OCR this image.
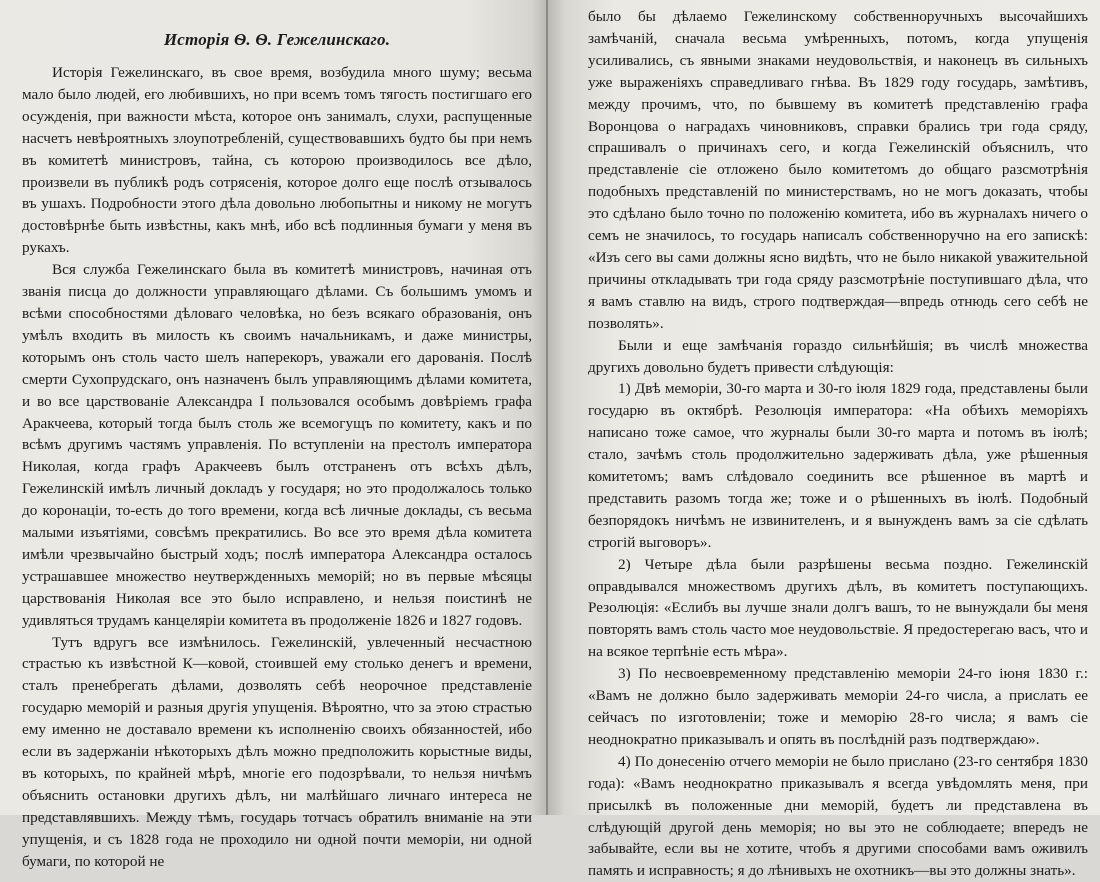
Исторія Ѳ. Ѳ. Гежелинскаго.

Исторія Гежелинскаго, въ свое время, возбудила много шуму; весьма мало было людей, его любившихъ, но при всемъ томъ тягость постигшаго его осужденія, при важности мѣста, которое онъ занималъ, слухи, распущенные насчетъ невѣроятныхъ злоупотребленій, существовавшихъ будто бы при немъ въ комитетѣ министровъ, тайна, съ которою производилось все дѣло, произвели въ публикѣ родъ сотрясенія, которое долго еще послѣ отзывалось въ ушахъ. Подробности этого дѣла довольно любопытны и никому не могутъ достовѣрнѣе быть извѣстны, какъ мнѣ, ибо всѣ подлинныя бумаги у меня въ рукахъ.

Вся служба Гежелинскаго была въ комитетѣ министровъ, начиная отъ званія писца до должности управляющаго дѣлами. Съ большимъ умомъ и всѣми способностями дѣловаго человѣка, но безъ всякаго образованія, онъ умѣлъ входить въ милость къ своимъ начальникамъ, и даже министры, которымъ онъ столь часто шелъ наперекоръ, уважали его дарованія. Послѣ смерти Сухопрудскаго, онъ назначенъ былъ управляющимъ дѣлами комитета, и во все царствованіе Александра I пользовался особымъ довѣріемъ графа Аракчеева, который тогда былъ столь же всемогущъ по комитету, какъ и по всѣмъ другимъ частямъ управленія. По вступленіи на престолъ императора Николая, когда графъ Аракчеевъ былъ отстраненъ отъ всѣхъ дѣлъ, Гежелинскій имѣлъ личный докладъ у государя; но это продолжалось только до коронаціи, то-есть до того времени, когда всѣ личные доклады, съ весьма малыми изъятіями, совсѣмъ прекратились. Во все это время дѣла комитета имѣли чрезвычайно быстрый ходъ; послѣ императора Александра осталось устрашавшее множество неутвержденныхъ меморій; но въ первые мѣсяцы царствованія Николая все это было исправлено, и нельзя поистинѣ не удивляться трудамъ канцеляріи комитета въ продолженіе 1826 и 1827 годовъ.

Тутъ вдругъ все измѣнилось. Гежелинскій, увлеченный несчастною страстью къ извѣстной К—ковой, стоившей ему столько денегъ и времени, сталъ пренебрегать дѣлами, дозволять себѣ неорочное представленіе государю меморій и разныя другія упущенія. Вѣроятно, что за этою страстью ему именно не доставало времени къ исполненію своихъ обязанностей, ибо если въ задержаніи нѣкоторыхъ дѣлъ можно предположить корыстные виды, въ которыхъ, по крайней мѣрѣ, многіе его подозрѣвали, то нельзя ничѣмъ объяснить остановки другихъ дѣлъ, ни малѣйшаго личнаго интереса не представлявшихъ. Между тѣмъ, государь тотчасъ обратилъ вниманіе на эти упущенія, и съ 1828 года не проходило ни одной почти меморіи, ни одной бумаги, по которой не

было бы дѣлаемо Гежелинскому собственноручныхъ высочайшихъ замѣчаній, сначала весьма умѣренныхъ, потомъ, когда упущенія усиливались, съ явными знаками неудовольствія, и наконецъ въ сильныхъ уже выраженіяхъ справедливаго гнѣва. Въ 1829 году государь, замѣтивъ, между прочимъ, что, по бывшему въ комитетѣ представленію графа Воронцова о наградахъ чиновниковъ, справки брались три года сряду, спрашивалъ о причинахъ сего, и когда Гежелинскій объяснилъ, что представленіе сіе отложено было комитетомъ до общаго разсмотрѣнія подобныхъ представленій по министерствамъ, но не могъ доказать, чтобы это сдѣлано было точно по положенію комитета, ибо въ журналахъ ничего о семъ не значилось, то государь написалъ собственноручно на его запискѣ: «Изъ сего вы сами должны ясно видѣть, что не было никакой уважительной причины откладывать три года сряду разсмотрѣніе поступившаго дѣла, что я вамъ ставлю на видъ, строго подтверждая—впредь отнюдь сего себѣ не позволять».

Были и еще замѣчанія гораздо сильнѣйшія; въ числѣ множества другихъ довольно будетъ привести слѣдующія:

1) Двѣ меморіи, 30-го марта и 30-го іюля 1829 года, представлены были государю въ октябрѣ. Резолюція императора: «На обѣихъ меморіяхъ написано тоже самое, что журналы были 30-го марта и потомъ въ іюлѣ; стало, зачѣмъ столь продолжительно задерживать дѣла, уже рѣшенныя комитетомъ; вамъ слѣдовало соединить все рѣшенное въ мартѣ и представить разомъ тогда же; тоже и о рѣшенныхъ въ іюлѣ. Подобный безпорядокъ ничѣмъ не извинителенъ, и я вынужденъ вамъ за сіе сдѣлать строгій выговоръ».

2) Четыре дѣла были разрѣшены весьма поздно. Гежелинскій оправдывался множествомъ другихъ дѣлъ, въ комитетъ поступающихъ. Резолюція: «Еслибъ вы лучше знали долгъ вашъ, то не вынуждали бы меня повторять вамъ столь часто мое неудовольствіе. Я предостерегаю васъ, что и на всякое терпѣніе есть мѣра».

3) По несвоевременному представленію меморіи 24-го іюня 1830 г.: «Вамъ не должно было задерживать меморіи 24-го числа, а прислать ее сейчасъ по изготовленіи; тоже и меморію 28-го числа; я вамъ сіе неоднократно приказывалъ и опять въ послѣдній разъ подтверждаю».

4) По донесенію отчего меморіи не было прислано (23-го сентября 1830 года): «Вамъ неоднократно приказывалъ я всегда увѣдомлять меня, при присылкѣ въ положенные дни меморій, будетъ ли представлена въ слѣдующій другой день меморія; но вы это не соблюдаете; впередъ не забывайте, если вы не хотите, чтобъ я другими способами вамъ оживилъ память и исправность; я до лѣнивыхъ не охотникъ—вы это должны знать».
